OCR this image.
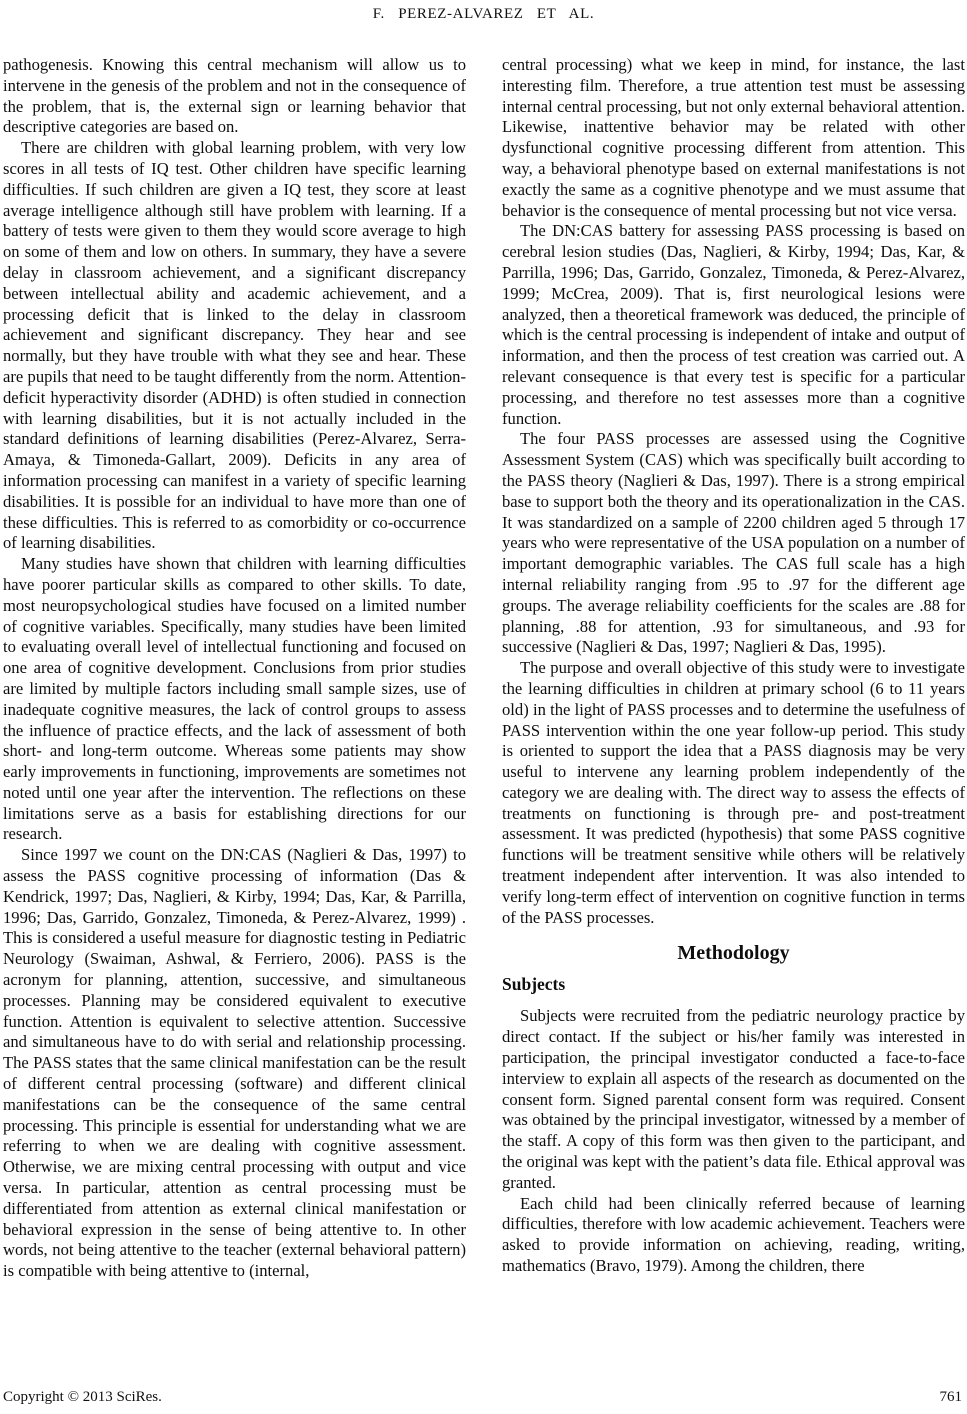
F. PEREZ-ALVAREZ ET AL.

pathogenesis. Knowing this central mechanism will allow us to intervene in the genesis of the problem and not in the consequence of the problem, that is, the external sign or learning behavior that descriptive categories are based on.

There are children with global learning problem, with very low scores in all tests of IQ test. Other children have specific learning difficulties. If such children are given a IQ test, they score at least average intelligence although still have problem with learning. If a battery of tests were given to them they would score average to high on some of them and low on others. In summary, they have a severe delay in classroom achievement, and a significant discrepancy between intellectual ability and academic achievement, and a processing deficit that is linked to the delay in classroom achievement and significant discrepancy. They hear and see normally, but they have trouble with what they see and hear. These are pupils that need to be taught differently from the norm. Attention-deficit hyperactivity disorder (ADHD) is often studied in connection with learning disabilities, but it is not actually included in the standard definitions of learning disabilities (Perez-Alvarez, Serra-Amaya, & Timoneda-Gallart, 2009). Deficits in any area of information processing can manifest in a variety of specific learning disabilities. It is possible for an individual to have more than one of these difficulties. This is referred to as comorbidity or co-occurrence of learning disabilities.

Many studies have shown that children with learning difficulties have poorer particular skills as compared to other skills. To date, most neuropsychological studies have focused on a limited number of cognitive variables. Specifically, many studies have been limited to evaluating overall level of intellectual functioning and focused on one area of cognitive development. Conclusions from prior studies are limited by multiple factors including small sample sizes, use of inadequate cognitive measures, the lack of control groups to assess the influence of practice effects, and the lack of assessment of both short- and long-term outcome. Whereas some patients may show early improvements in functioning, improvements are sometimes not noted until one year after the intervention. The reflections on these limitations serve as a basis for establishing directions for our research.

Since 1997 we count on the DN:CAS (Naglieri & Das, 1997) to assess the PASS cognitive processing of information (Das & Kendrick, 1997; Das, Naglieri, & Kirby, 1994; Das, Kar, & Parrilla, 1996; Das, Garrido, Gonzalez, Timoneda, & Perez-Alvarez, 1999) . This is considered a useful measure for diagnostic testing in Pediatric Neurology (Swaiman, Ashwal, & Ferriero, 2006). PASS is the acronym for planning, attention, successive, and simultaneous processes. Planning may be considered equivalent to executive function. Attention is equivalent to selective attention. Successive and simultaneous have to do with serial and relationship processing. The PASS states that the same clinical manifestation can be the result of different central processing (software) and different clinical manifestations can be the consequence of the same central processing. This principle is essential for understanding what we are referring to when we are dealing with cognitive assessment. Otherwise, we are mixing central processing with output and vice versa. In particular, attention as central processing must be differentiated from attention as external clinical manifestation or behavioral expression in the sense of being attentive to. In other words, not being attentive to the teacher (external behavioral pattern) is compatible with being attentive to (internal,

central processing) what we keep in mind, for instance, the last interesting film. Therefore, a true attention test must be assessing internal central processing, but not only external behavioral attention. Likewise, inattentive behavior may be related with other dysfunctional cognitive processing different from attention. This way, a behavioral phenotype based on external manifestations is not exactly the same as a cognitive phenotype and we must assume that behavior is the consequence of mental processing but not vice versa.

The DN:CAS battery for assessing PASS processing is based on cerebral lesion studies (Das, Naglieri, & Kirby, 1994; Das, Kar, & Parrilla, 1996; Das, Garrido, Gonzalez, Timoneda, & Perez-Alvarez, 1999; McCrea, 2009). That is, first neurological lesions were analyzed, then a theoretical framework was deduced, the principle of which is the central processing is independent of intake and output of information, and then the process of test creation was carried out. A relevant consequence is that every test is specific for a particular processing, and therefore no test assesses more than a cognitive function.

The four PASS processes are assessed using the Cognitive Assessment System (CAS) which was specifically built according to the PASS theory (Naglieri & Das, 1997). There is a strong empirical base to support both the theory and its operationalization in the CAS. It was standardized on a sample of 2200 children aged 5 through 17 years who were representative of the USA population on a number of important demographic variables. The CAS full scale has a high internal reliability ranging from .95 to .97 for the different age groups. The average reliability coefficients for the scales are .88 for planning, .88 for attention, .93 for simultaneous, and .93 for successive (Naglieri & Das, 1997; Naglieri & Das, 1995).

The purpose and overall objective of this study were to investigate the learning difficulties in children at primary school (6 to 11 years old) in the light of PASS processes and to determine the usefulness of PASS intervention within the one year follow-up period. This study is oriented to support the idea that a PASS diagnosis may be very useful to intervene any learning problem independently of the category we are dealing with. The direct way to assess the effects of treatments on functioning is through pre- and post-treatment assessment. It was predicted (hypothesis) that some PASS cognitive functions will be treatment sensitive while others will be relatively treatment independent after intervention. It was also intended to verify long-term effect of intervention on cognitive function in terms of the PASS processes.

Methodology
Subjects

Subjects were recruited from the pediatric neurology practice by direct contact. If the subject or his/her family was interested in participation, the principal investigator conducted a face-to-face interview to explain all aspects of the research as documented on the consent form. Signed parental consent form was required. Consent was obtained by the principal investigator, witnessed by a member of the staff. A copy of this form was then given to the participant, and the original was kept with the patient’s data file. Ethical approval was granted.

Each child had been clinically referred because of learning difficulties, therefore with low academic achievement. Teachers were asked to provide information on achieving, reading, writing, mathematics (Bravo, 1979). Among the children, there

Copyright © 2013 SciRes.	761
